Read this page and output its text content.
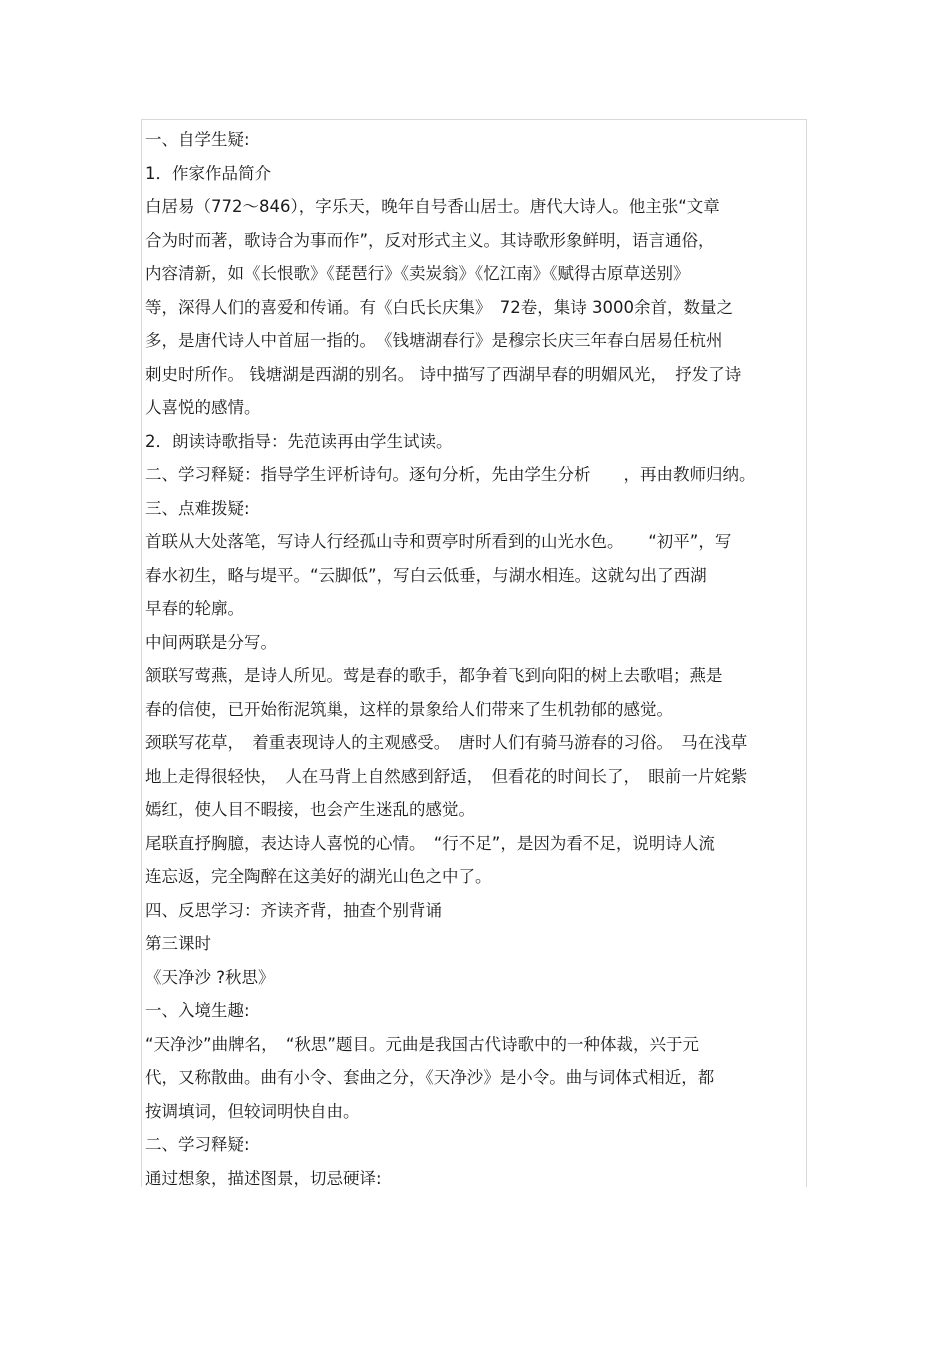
一、自学生疑:
1．作家作品简介
白居易（772～846），字乐天，晚年自号香山居士。唐代大诗人。他主张“文章
合为时而著，歌诗合为事而作”，反对形式主义。其诗歌形象鲜明，语言通俗，
内容清新，如《长恨歌》《琵琶行》《卖炭翁》《忆江南》《赋得古原草送别》
等，深得人们的喜爱和传诵。有《白氏长庆集》　72卷，集诗 3000余首，数量之
多，是唐代诗人中首屈一指的。　《钱塘湖春行》是穆宗长庆三年春白居易任杭州
刺史时所作。 钱塘湖是西湖的别名。 诗中描写了西湖早春的明媚风光，　抒发了诗
人喜悦的感情。
2．朗读诗歌指导：先范读再由学生试读。
二、学习释疑：指导学生评析诗句。逐句分析，先由学生分析　　，再由教师归纳。
三、点难拨疑:
首联从大处落笔，写诗人行经孤山寺和贾亭时所看到的山光水色。　　“初平”，写
春水初生，略与堤平。“云脚低”，写白云低垂，与湖水相连。这就勾出了西湖
早春的轮廓。
中间两联是分写。
颔联写莺燕，是诗人所见。莺是春的歌手，都争着飞到向阳的树上去歌唱；燕是
春的信使，已开始衔泥筑巢，这样的景象给人们带来了生机勃郁的感觉。
颈联写花草，　着重表现诗人的主观感受。　唐时人们有骑马游春的习俗。　马在浅草
地上走得很轻快，　人在马背上自然感到舒适，　但看花的时间长了，　眼前一片姹紫
嫣红，使人目不暇接，也会产生迷乱的感觉。
尾联直抒胸臆，表达诗人喜悦的心情。　“行不足”，是因为看不足，说明诗人流
连忘返，完全陶醉在这美好的湖光山色之中了。
四、反思学习：齐读齐背，抽查个别背诵
第三课时
《天净沙 ?秋思》
一、入境生趣:
“天净沙”曲牌名，　“秋思”题目。元曲是我国古代诗歌中的一种体裁，兴于元
代，又称散曲。曲有小令、套曲之分，《天净沙》是小令。曲与词体式相近，都
按调填词，但较词明快自由。
二、学习释疑:
通过想象，描述图景，切忌硬译:
